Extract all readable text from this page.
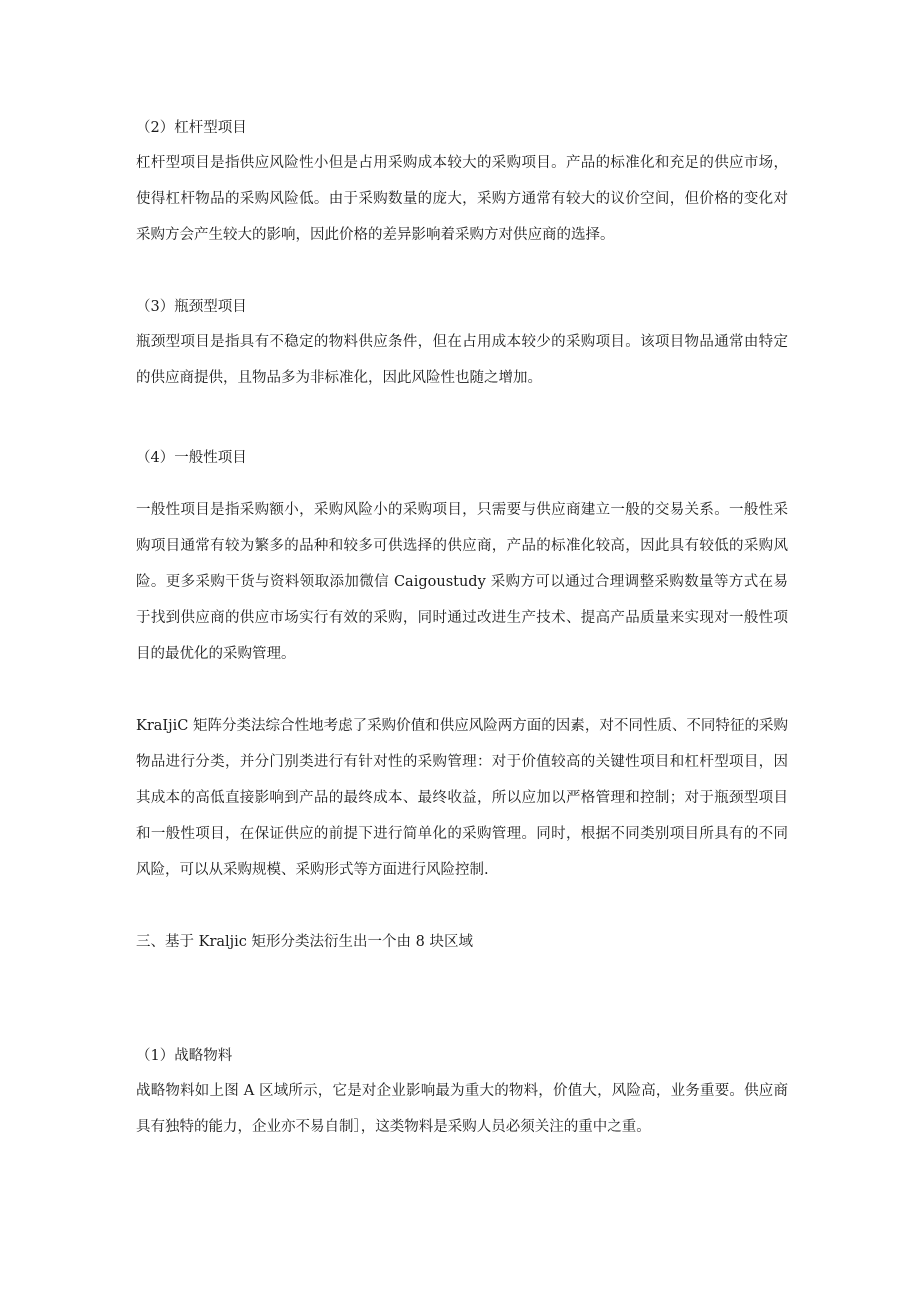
（2）杠杆型项目
杠杆型项目是指供应风险性小但是占用采购成本较大的采购项目。产品的标准化和充足的供应市场，使得杠杆物品的采购风险低。由于采购数量的庞大，采购方通常有较大的议价空间，但价格的变化对采购方会产生较大的影响，因此价格的差异影响着采购方对供应商的选择。
（3）瓶颈型项目
瓶颈型项目是指具有不稳定的物料供应条件，但在占用成本较少的采购项目。该项目物品通常由特定的供应商提供，且物品多为非标准化，因此风险性也随之增加。
（4）一般性项目
一般性项目是指采购额小，采购风险小的采购项目，只需要与供应商建立一般的交易关系。一般性采购项目通常有较为繁多的品种和较多可供选择的供应商，产品的标准化较高，因此具有较低的采购风险。更多采购干货与资料领取添加微信 Caigoustudy 采购方可以通过合理调整采购数量等方式在易于找到供应商的供应市场实行有效的采购，同时通过改进生产技术、提高产品质量来实现对一般性项目的最优化的采购管理。
KraIjiC 矩阵分类法综合性地考虑了采购价值和供应风险两方面的因素，对不同性质、不同特征的采购物品进行分类，并分门别类进行有针对性的采购管理：对于价值较高的关键性项目和杠杆型项目，因其成本的高低直接影响到产品的最终成本、最终收益，所以应加以严格管理和控制；对于瓶颈型项目和一般性项目，在保证供应的前提下进行简单化的采购管理。同时，根据不同类别项目所具有的不同风险，可以从采购规模、采购形式等方面进行风险控制.
三、基于 Kraljic 矩形分类法衍生出一个由 8 块区域
（1）战略物料
战略物料如上图 A 区域所示，它是对企业影响最为重大的物料，价值大，风险高，业务重要。供应商具有独特的能力，企业亦不易自制］，这类物料是采购人员必须关注的重中之重。
